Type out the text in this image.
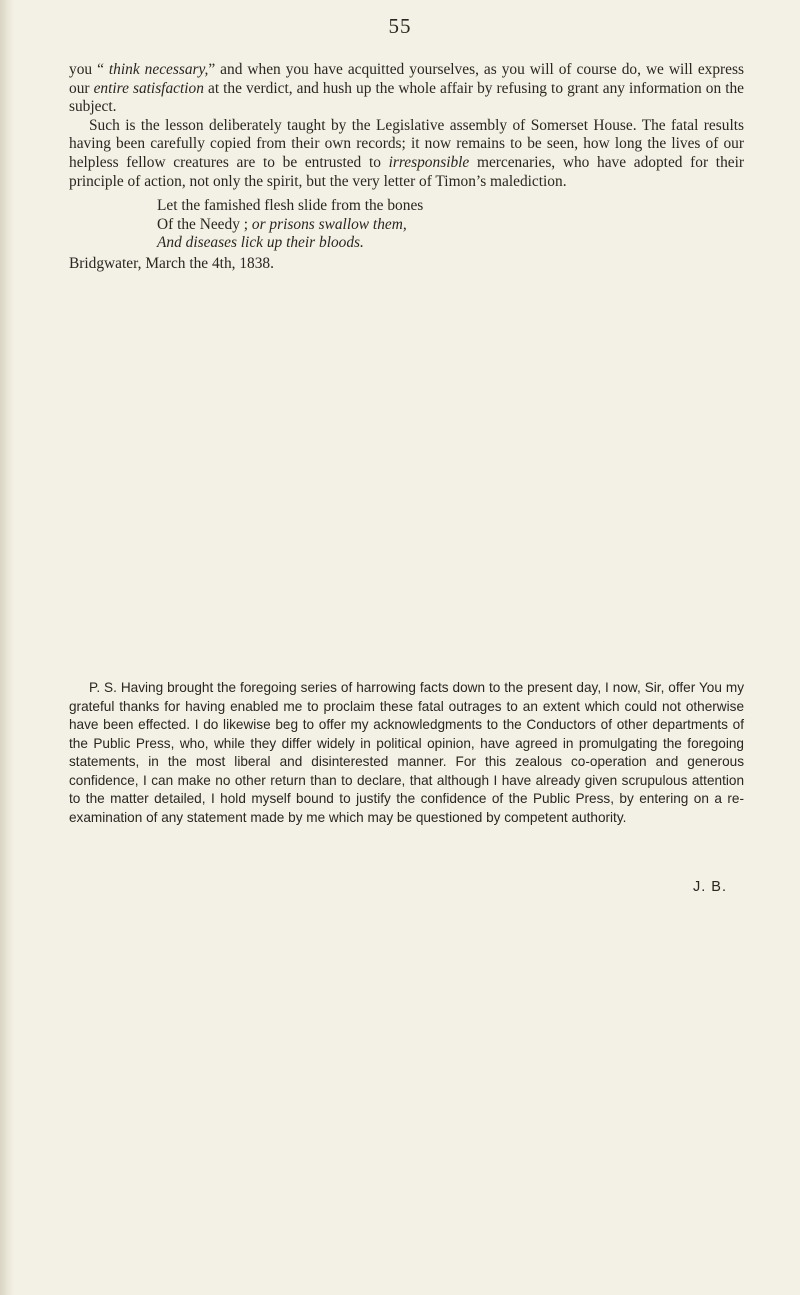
55

you “ think necessary,” and when you have acquitted yourselves, as you will of course do, we will express our entire satisfaction at the verdict, and hush up the whole affair by refusing to grant any information on the subject.

Such is the lesson deliberately taught by the Legislative assembly of Somerset House. The fatal results having been carefully copied from their own records; it now remains to be seen, how long the lives of our helpless fellow creatures are to be entrusted to irresponsible mercenaries, who have adopted for their principle of action, not only the spirit, but the very letter of Timon’s malediction.

Let the famished flesh slide from the bones
Of the Needy ; or prisons swallow them,
And diseases lick up their bloods.
Bridgwater, March the 4th, 1838.

P. S. Having brought the foregoing series of harrowing facts down to the present day, I now, Sir, offer You my grateful thanks for having enabled me to proclaim these fatal outrages to an extent which could not otherwise have been effected. I do likewise beg to offer my acknowledgments to the Conductors of other departments of the Public Press, who, while they differ widely in political opinion, have agreed in promulgating the foregoing statements, in the most liberal and disinterested manner. For this zealous co-operation and generous confidence, I can make no other return than to declare, that although I have already given scrupulous attention to the matter detailed, I hold myself bound to justify the confidence of the Public Press, by entering on a re-examination of any statement made by me which may be questioned by competent authority.

J. B.
